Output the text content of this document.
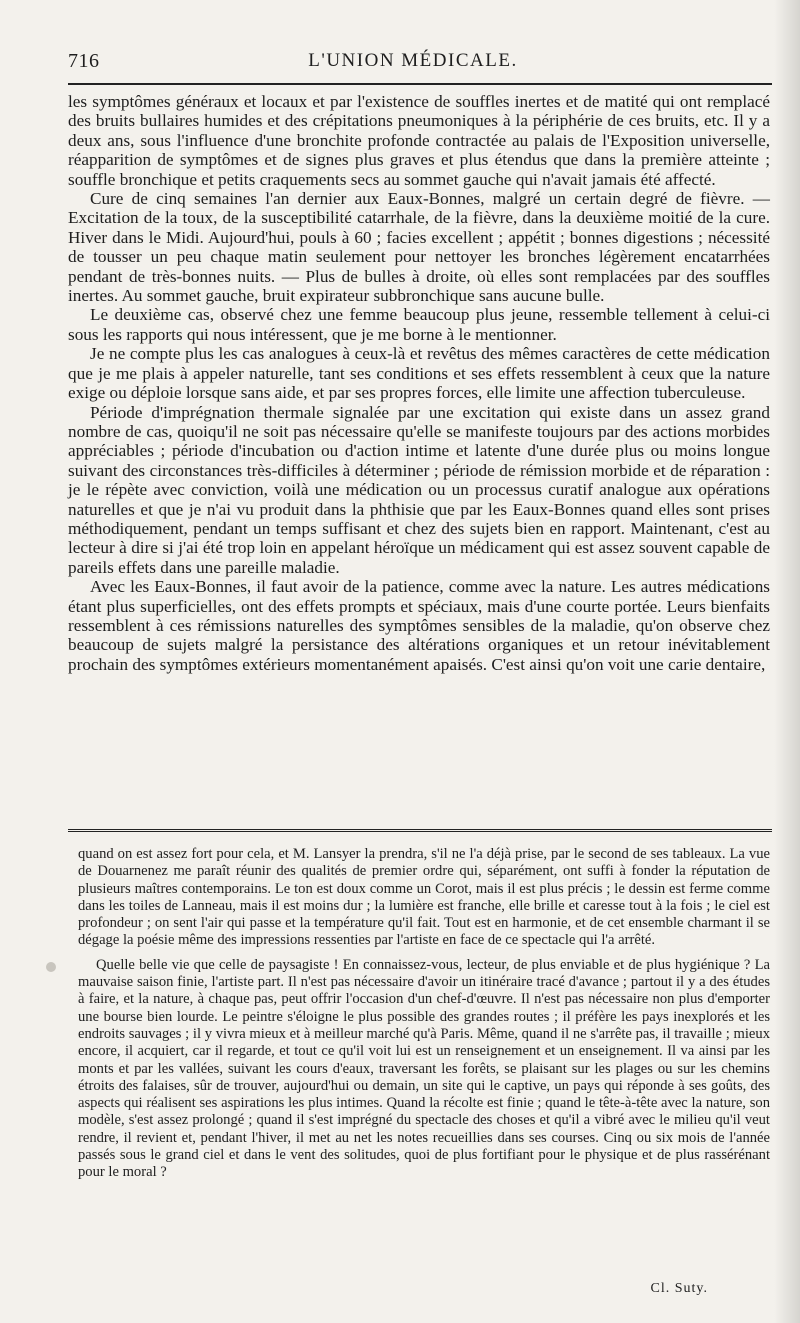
716	L'UNION MÉDICALE.

les symptômes généraux et locaux et par l'existence de souffles inertes et de matité qui ont remplacé des bruits bullaires humides et des crépitations pneumoniques à la périphérie de ces bruits, etc. Il y a deux ans, sous l'influence d'une bronchite profonde contractée au palais de l'Exposition universelle, réapparition de symptômes et de signes plus graves et plus étendus que dans la première atteinte ; souffle bronchique et petits craquements secs au sommet gauche qui n'avait jamais été affecté.

Cure de cinq semaines l'an dernier aux Eaux-Bonnes, malgré un certain degré de fièvre. — Excitation de la toux, de la susceptibilité catarrhale, de la fièvre, dans la deuxième moitié de la cure. Hiver dans le Midi. Aujourd'hui, pouls à 60 ; facies excellent ; appétit ; bonnes digestions ; nécessité de tousser un peu chaque matin seulement pour nettoyer les bronches légèrement encatarrhées pendant de très-bonnes nuits. — Plus de bulles à droite, où elles sont remplacées par des souffles inertes. Au sommet gauche, bruit expirateur subbronchique sans aucune bulle.

Le deuxième cas, observé chez une femme beaucoup plus jeune, ressemble tellement à celui-ci sous les rapports qui nous intéressent, que je me borne à le mentionner.

Je ne compte plus les cas analogues à ceux-là et revêtus des mêmes caractères de cette médication que je me plais à appeler naturelle, tant ses conditions et ses effets ressemblent à ceux que la nature exige ou déploie lorsque sans aide, et par ses propres forces, elle limite une affection tuberculeuse.

Période d'imprégnation thermale signalée par une excitation qui existe dans un assez grand nombre de cas, quoiqu'il ne soit pas nécessaire qu'elle se manifeste toujours par des actions morbides appréciables ; période d'incubation ou d'action intime et latente d'une durée plus ou moins longue suivant des circonstances très-difficiles à déterminer ; période de rémission morbide et de réparation : je le répète avec conviction, voilà une médication ou un processus curatif analogue aux opérations naturelles et que je n'ai vu produit dans la phthisie que par les Eaux-Bonnes quand elles sont prises méthodiquement, pendant un temps suffisant et chez des sujets bien en rapport. Maintenant, c'est au lecteur à dire si j'ai été trop loin en appelant héroïque un médicament qui est assez souvent capable de pareils effets dans une pareille maladie.

Avec les Eaux-Bonnes, il faut avoir de la patience, comme avec la nature. Les autres médications étant plus superficielles, ont des effets prompts et spéciaux, mais d'une courte portée. Leurs bienfaits ressemblent à ces rémissions naturelles des symptômes sensibles de la maladie, qu'on observe chez beaucoup de sujets malgré la persistance des altérations organiques et un retour inévitablement prochain des symptômes extérieurs momentanément apaisés. C'est ainsi qu'on voit une carie dentaire,

quand on est assez fort pour cela, et M. Lansyer la prendra, s'il ne l'a déjà prise, par le second de ses tableaux. La vue de Douarnenez me paraît réunir des qualités de premier ordre qui, séparément, ont suffi à fonder la réputation de plusieurs maîtres contemporains. Le ton est doux comme un Corot, mais il est plus précis ; le dessin est ferme comme dans les toiles de Lanneau, mais il est moins dur ; la lumière est franche, elle brille et caresse tout à la fois ; le ciel est profondeur ; on sent l'air qui passe et la température qu'il fait. Tout est en harmonie, et de cet ensemble charmant il se dégage la poésie même des impressions ressenties par l'artiste en face de ce spectacle qui l'a arrêté.

Quelle belle vie que celle de paysagiste ! En connaissez-vous, lecteur, de plus enviable et de plus hygiénique ? La mauvaise saison finie, l'artiste part. Il n'est pas nécessaire d'avoir un itinéraire tracé d'avance ; partout il y a des études à faire, et la nature, à chaque pas, peut offrir l'occasion d'un chef-d'œuvre. Il n'est pas nécessaire non plus d'emporter une bourse bien lourde. Le peintre s'éloigne le plus possible des grandes routes ; il préfère les pays inexplorés et les endroits sauvages ; il y vivra mieux et à meilleur marché qu'à Paris. Même, quand il ne s'arrête pas, il travaille ; mieux encore, il acquiert, car il regarde, et tout ce qu'il voit lui est un renseignement et un enseignement. Il va ainsi par les monts et par les vallées, suivant les cours d'eaux, traversant les forêts, se plaisant sur les plages ou sur les chemins étroits des falaises, sûr de trouver, aujourd'hui ou demain, un site qui le captive, un pays qui réponde à ses goûts, des aspects qui réalisent ses aspirations les plus intimes. Quand la récolte est finie ; quand le tête-à-tête avec la nature, son modèle, s'est assez prolongé ; quand il s'est imprégné du spectacle des choses et qu'il a vibré avec le milieu qu'il veut rendre, il revient et, pendant l'hiver, il met au net les notes recueillies dans ses courses. Cinq ou six mois de l'année passés sous le grand ciel et dans le vent des solitudes, quoi de plus fortifiant pour le physique et de plus rassérénant pour le moral ?

Cl. Suty.
